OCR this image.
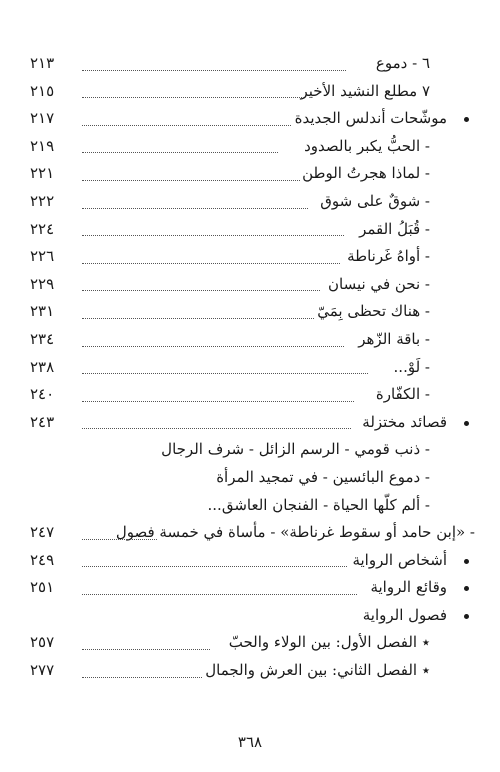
٦ - دموع
٢١٣
٧ مطلع النشيد الأخير
٢١٥
موشّحات أندلس الجديدة
٢١٧
- الحبُّ يكبر بالصدود
٢١٩
- لماذا هجرتُ الوطن
٢٢١
- شوقٌ على شوق
٢٢٢
- قُبَلُ القمر
٢٢٤
- أواهُ غَرناطة
٢٢٦
- نحن في نيسان
٢٢٩
- هناك تحظى بِمَيّ
٢٣١
- باقة الزّهر
٢٣٤
- لَوْ...
٢٣٨
- الكفّارة
٢٤٠
قصائد مختزلة
٢٤٣
- ذنب قومي - الرسم الزائل - شرف الرجال
- دموع البائسين - في تمجيد المرأة
- ألم كلّها الحياة - الفنجان العاشق...
- «إبن حامد أو سقوط غرناطة» - مأساة في خمسة فصول
٢٤٧
أشخاص الرواية
٢٤٩
وقائع الرواية
٢٥١
فصول الرواية
٭ الفصل الأول: بين الولاء والحبّ
٢٥٧
٭ الفصل الثاني: بين العرش والجمال
٢٧٧
٣٦٨
